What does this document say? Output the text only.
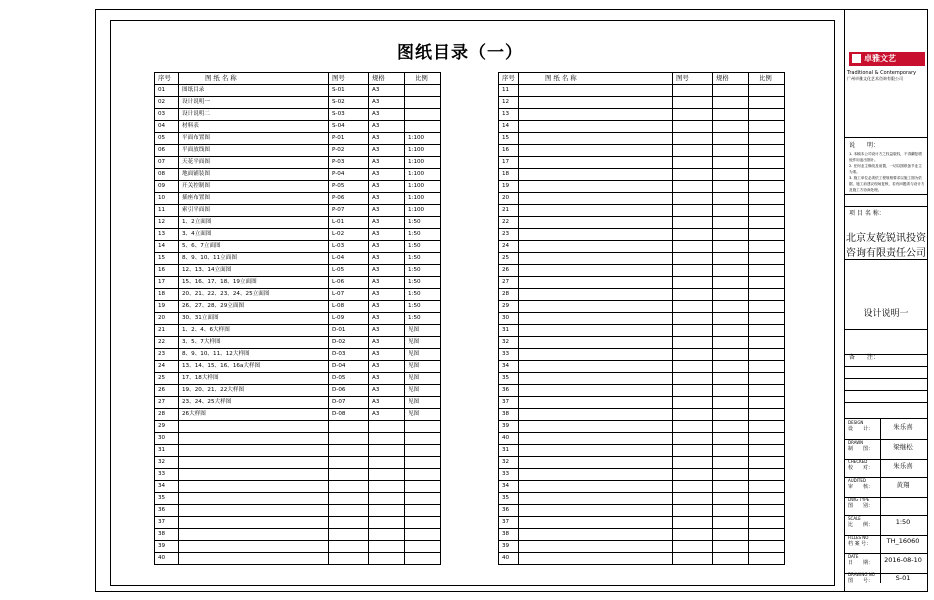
图纸目录（一）
序号	图 纸 名 称	图号	规格	比例
01	图纸目录	S-01	A3	
02	设计说明一	S-02	A3	
03	设计说明二	S-03	A3	
04	材料表	S-04	A3	
05	平面布置图	P-01	A3	1:100
06	平面放线图	P-02	A3	1:100
07	天花平面图	P-03	A3	1:100
08	地面铺装图	P-04	A3	1:100
09	开关控制图	P-05	A3	1:100
10	插座布置图	P-06	A3	1:100
11	索引平面图	P-07	A3	1:100
12	1、2立面图	L-01	A3	1:50
13	3、4立面图	L-02	A3	1:50
14	5、6、7立面图	L-03	A3	1:50
15	8、9、10、11立面图	L-04	A3	1:50
16	12、13、14立面图	L-05	A3	1:50
17	15、16、17、18、19立面图	L-06	A3	1:50
18	20、21、22、23、24、25立面图	L-07	A3	1:50
19	26、27、28、29立面图	L-08	A3	1:50
20	30、31立面图	L-09	A3	1:50
21	1、2、4、6大样图	D-01	A3	见图
22	3、5、7大样图	D-02	A3	见图
23	8、9、10、11、12大样图	D-03	A3	见图
24	13、14、15、16、16a大样图	D-04	A3	见图
25	17、18大样图	D-05	A3	见图
26	19、20、21、22大样图	D-06	A3	见图
27	23、24、25大样图	D-07	A3	见图
28	26大样图	D-08	A3	见图
29				
30				
31				
32				
33				
34				
35				
36				
37				
38				
39				
40				
序号	图 纸 名 称	图号	规格	比例
11				
12				
13				
14				
15				
16				
17				
18				
19				
20				
21				
22				
23				
24				
25				
26				
27				
28				
29				
30				
31				
32				
33				
34				
35				
36				
37				
38				
39				
40				
31				
32				
33				
34				
35				
36				
37				
38				
39				
40				
卓雅文艺
Traditional & Contemporary
广州卓雅文化艺术咨询有限公司
说　　明：
1. 本稿本公司设计方之权益版权，不得翻复增他作用途出图计。
2. 任何业主修改及前置，一切以图纸备节业主为准。
3. 施工单位必须依工程规格要求以施工图为依据，施工前建议现场复核，若有问题须与设计方及施工方协商处理。
项 目 名 称：
北京友乾锐讯投资咨询有限责任公司
设计说明一
备　　注：
DESIGN
设　　计：	朱乐喜
DRAWN
制　　图：	梁继松
CHECKED
校　　对：	朱乐喜
AUDITED
审　　核：	黄翔
DWG TYPE
图　　别：
SCALE
比　　例：	1:50
FILLES NO
档 案 号：	TH_16060
DATE
日　　期：	2016-08-10
DRAWING NO
图　　号：	S-01
